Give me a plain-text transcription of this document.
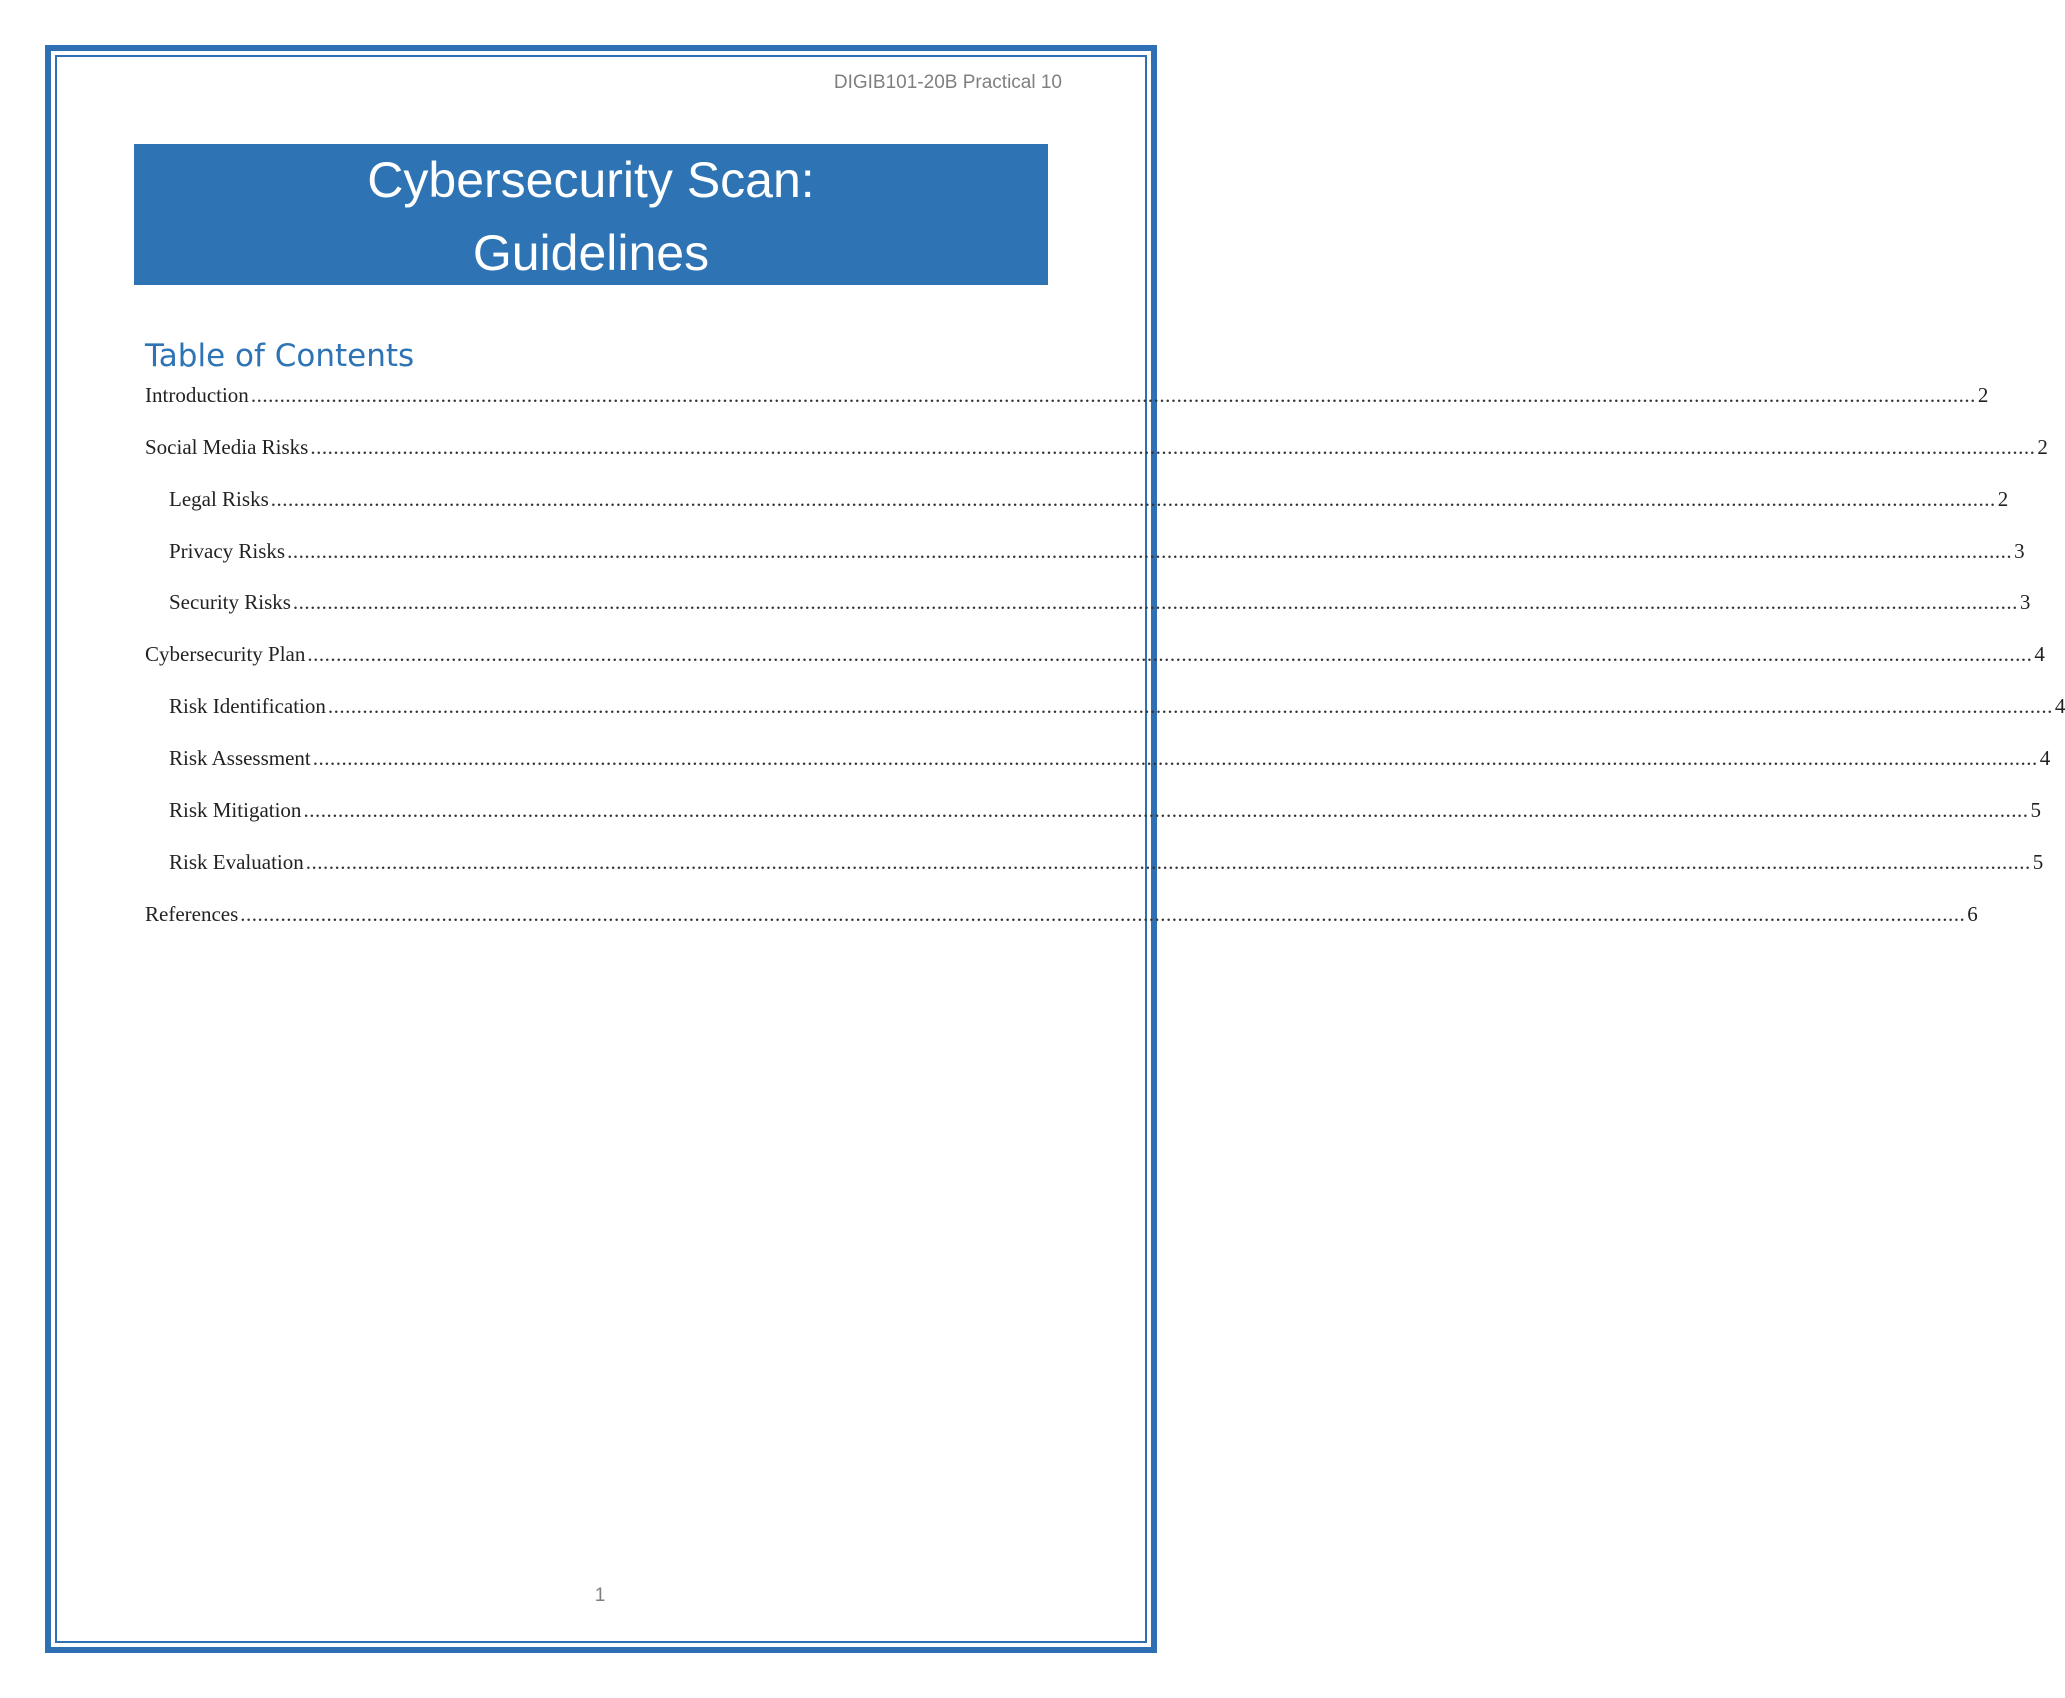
DIGIB101-20B Practical 10
Cybersecurity Scan:
Guidelines
Table of Contents
Introduction ............................................................................................................................................................................................................................................................................................................ 2
Social Media Risks ............................................................................................................................................................................................................................................................................................................ 2
Legal Risks ............................................................................................................................................................................................................................................................................................................ 2
Privacy Risks ............................................................................................................................................................................................................................................................................................................ 3
Security Risks ............................................................................................................................................................................................................................................................................................................ 3
Cybersecurity Plan ............................................................................................................................................................................................................................................................................................................ 4
Risk Identification ............................................................................................................................................................................................................................................................................................................ 4
Risk Assessment ............................................................................................................................................................................................................................................................................................................ 4
Risk Mitigation ............................................................................................................................................................................................................................................................................................................ 5
Risk Evaluation ............................................................................................................................................................................................................................................................................................................ 5
References ............................................................................................................................................................................................................................................................................................................ 6
1
